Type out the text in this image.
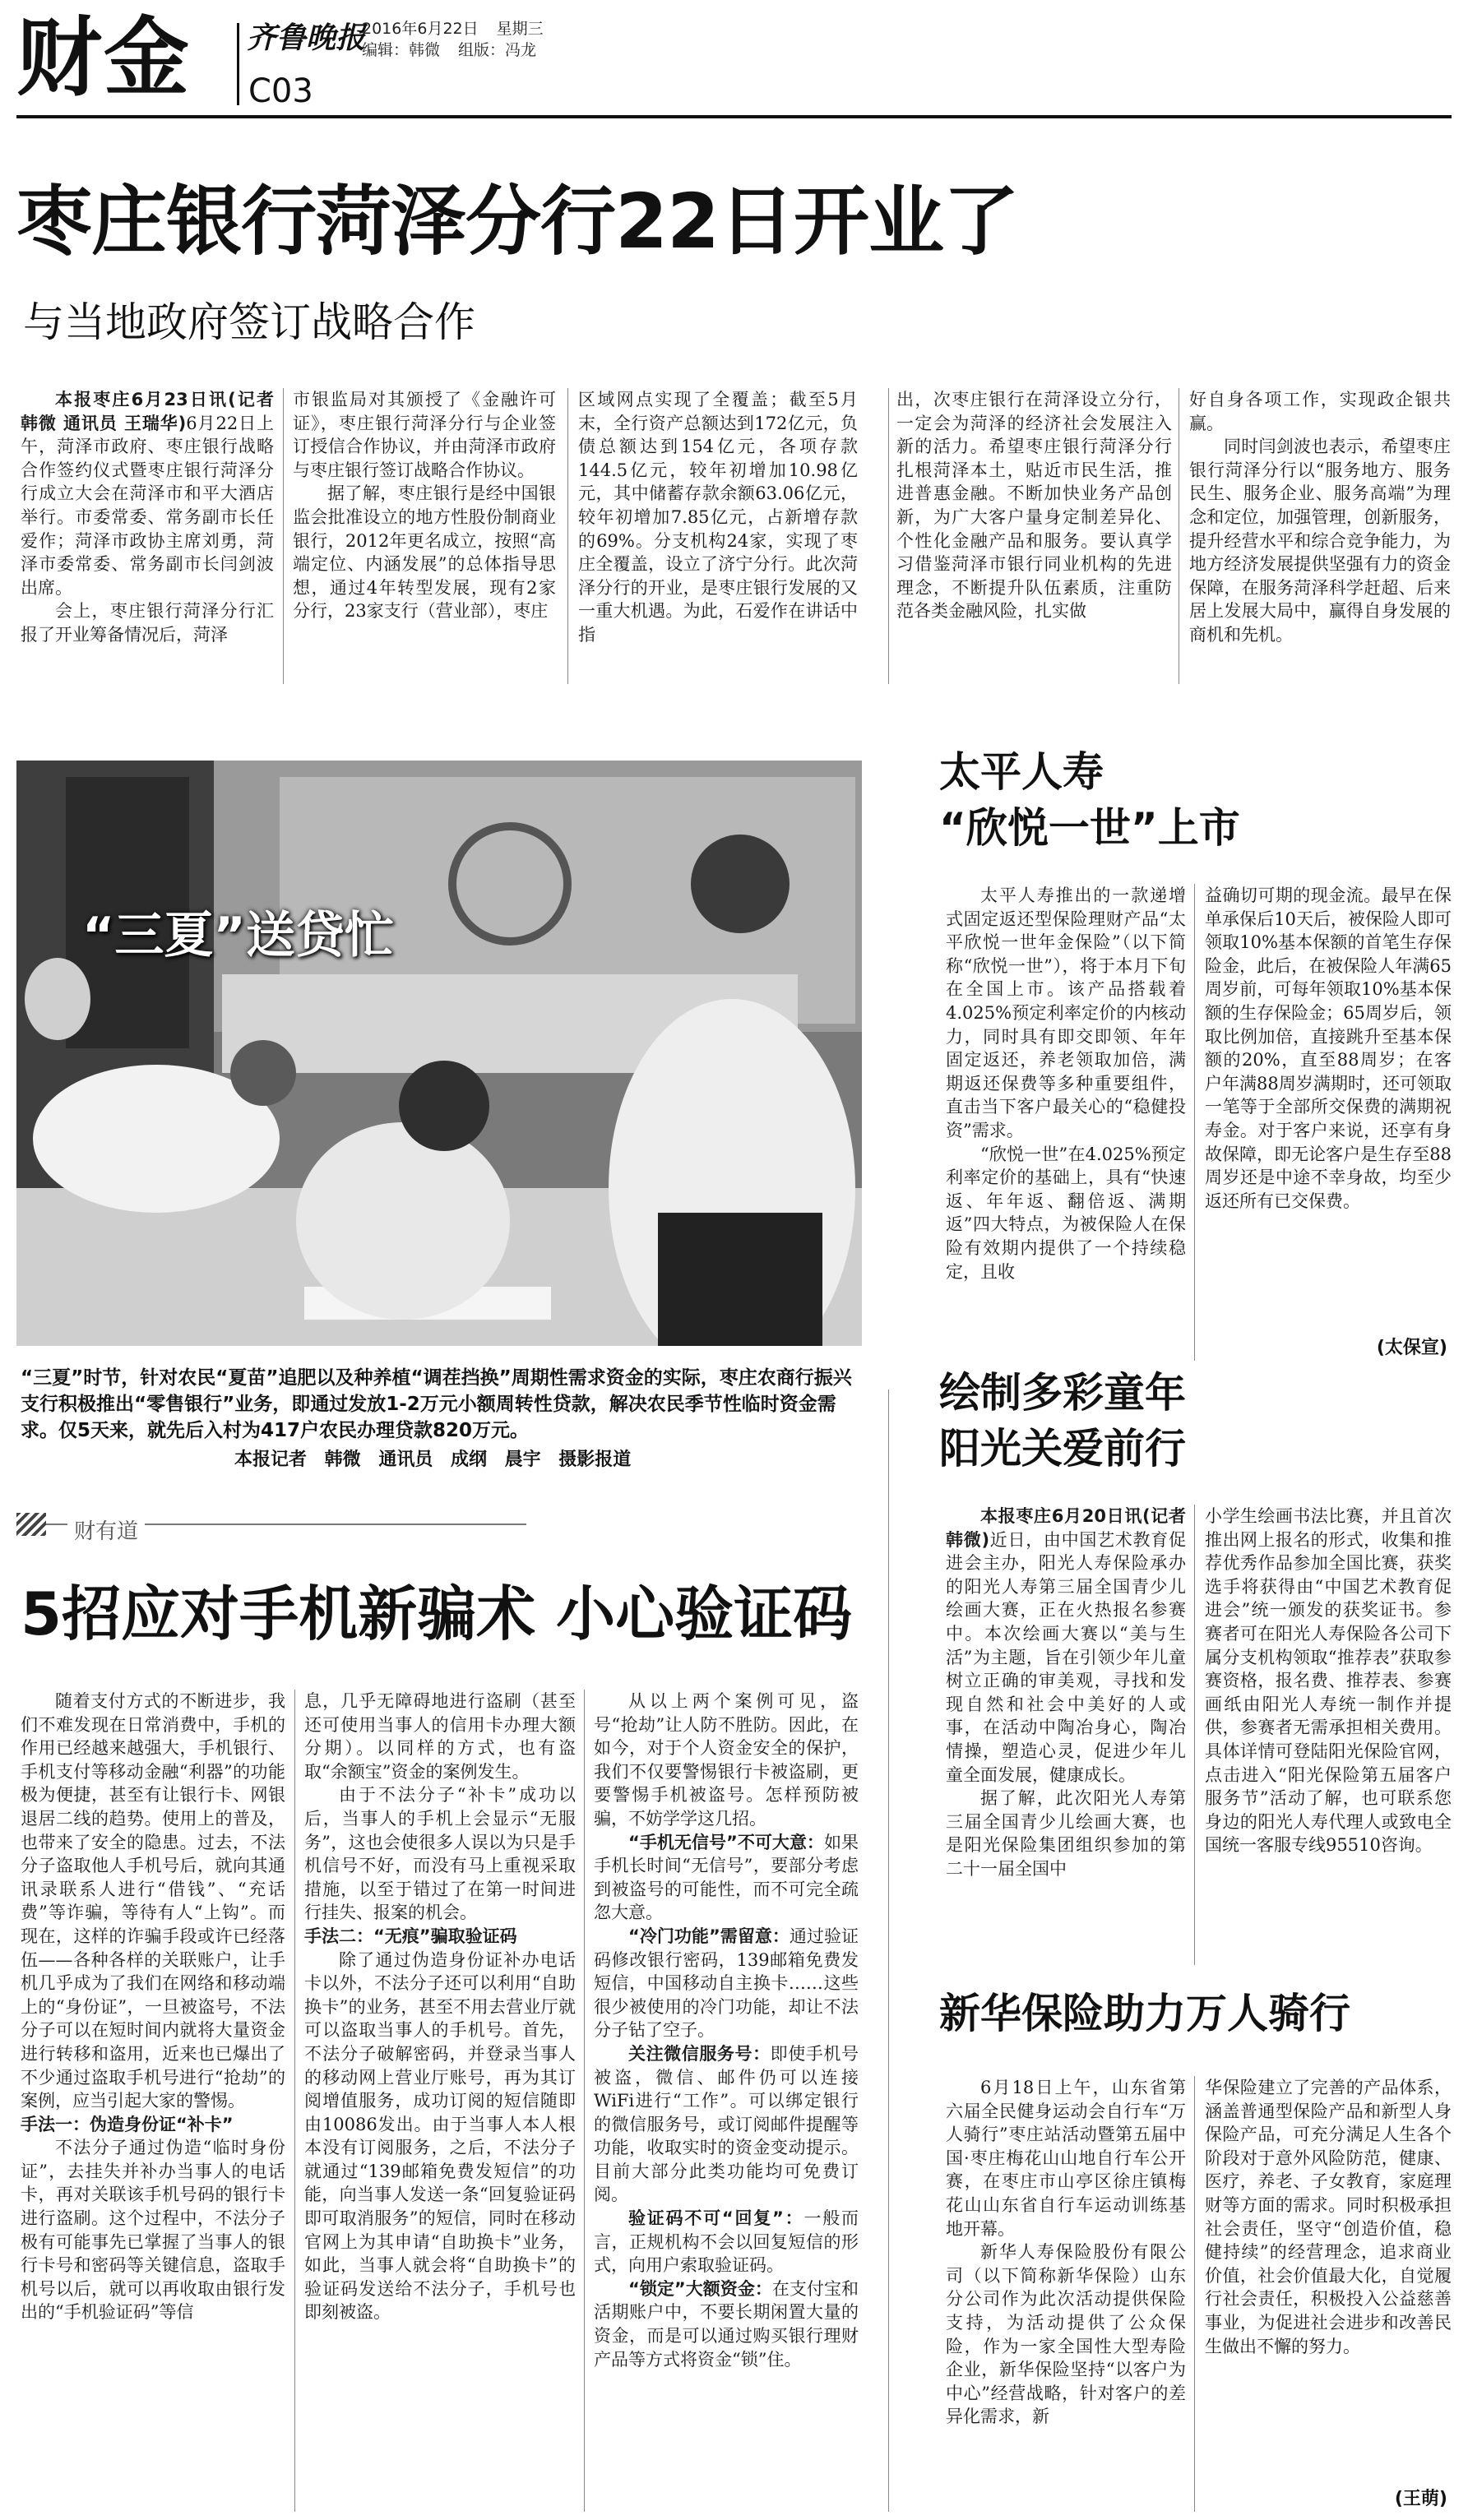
财金 齐鲁晚报
C03
2016年6月22日 星期三
编辑：韩微 组版：冯龙
枣庄银行菏泽分行22日开业了
与当地政府签订战略合作

本报枣庄6月23日讯(记者 韩微 通讯员 王瑞华)6月22日上午，菏泽市政府、枣庄银行战略合作签约仪式暨枣庄银行菏泽分行成立大会在菏泽市和平大酒店举行。市委常委、常务副市长任爱作；菏泽市政协主席刘勇，菏泽市委常委、常务副市长闫剑波出席。

会上，枣庄银行菏泽分行汇报了开业筹备情况后，菏泽

市银监局对其颁授了《金融许可证》，枣庄银行菏泽分行与企业签订授信合作协议，并由菏泽市政府与枣庄银行签订战略合作协议。

据了解，枣庄银行是经中国银监会批准设立的地方性股份制商业银行，2012年更名成立，按照“高端定位、内涵发展”的总体指导思想，通过4年转型发展，现有2家分行，23家支行（营业部），枣庄

区域网点实现了全覆盖；截至5月末，全行资产总额达到172亿元，负债总额达到154亿元，各项存款144.5亿元，较年初增加10.98亿元，其中储蓄存款余额63.06亿元，较年初增加7.85亿元，占新增存款的69%。分支机构24家，实现了枣庄全覆盖，设立了济宁分行。此次菏泽分行的开业，是枣庄银行发展的又一重大机遇。为此，石爱作在讲话中指

出，次枣庄银行在菏泽设立分行，一定会为菏泽的经济社会发展注入新的活力。希望枣庄银行菏泽分行扎根菏泽本土，贴近市民生活，推进普惠金融。不断加快业务产品创新，为广大客户量身定制差异化、个性化金融产品和服务。要认真学习借鉴菏泽市银行同业机构的先进理念，不断提升队伍素质，注重防范各类金融风险，扎实做

好自身各项工作，实现政企银共赢。

同时闫剑波也表示，希望枣庄银行菏泽分行以“服务地方、服务民生、服务企业、服务高端”为理念和定位，加强管理，创新服务，提升经营水平和综合竞争能力，为地方经济发展提供坚强有力的资金保障，在服务菏泽科学赶超、后来居上发展大局中，赢得自身发展的商机和先机。

“三夏”送贷忙
“三夏”时节，针对农民“夏苗”追肥以及种养植“调茬挡换”周期性需求资金的实际，枣庄农商行振兴支行积极推出“零售银行”业务，即通过发放1-2万元小额周转性贷款，解决农民季节性临时资金需求。仅5天来，就先后入村为417户农民办理贷款820万元。
本报记者 韩微 通讯员 成纲 晨宇 摄影报道
太平人寿
“欣悦一世”上市

太平人寿推出的一款递增式固定返还型保险理财产品“太平欣悦一世年金保险”（以下简称“欣悦一世”），将于本月下旬在全国上市。该产品搭载着4.025%预定利率定价的内核动力，同时具有即交即领、年年固定返还，养老领取加倍，满期返还保费等多种重要组件，直击当下客户最关心的“稳健投资”需求。

“欣悦一世”在4.025%预定利率定价的基础上，具有“快速返、年年返、翻倍返、满期返”四大特点，为被保险人在保险有效期内提供了一个持续稳定，且收

益确切可期的现金流。最早在保单承保后10天后，被保险人即可领取10%基本保额的首笔生存保险金，此后，在被保险人年满65周岁前，可每年领取10%基本保额的生存保险金；65周岁后，领取比例加倍，直接跳升至基本保额的20%，直至88周岁；在客户年满88周岁满期时，还可领取一笔等于全部所交保费的满期祝寿金。对于客户来说，还享有身故保障，即无论客户是生存至88周岁还是中途不幸身故，均至少返还所有已交保费。

(太保宣)
财有道
5招应对手机新骗术 小心验证码

随着支付方式的不断进步，我们不难发现在日常消费中，手机的作用已经越来越强大，手机银行、手机支付等移动金融“利器”的功能极为便捷，甚至有让银行卡、网银退居二线的趋势。使用上的普及，也带来了安全的隐患。过去，不法分子盗取他人手机号后，就向其通讯录联系人进行“借钱”、“充话费”等诈骗，等待有人“上钩”。而现在，这样的诈骗手段或许已经落伍——各种各样的关联账户，让手机几乎成为了我们在网络和移动端上的“身份证”，一旦被盗号，不法分子可以在短时间内就将大量资金进行转移和盗用，近来也已爆出了不少通过盗取手机号进行“抢劫”的案例，应当引起大家的警惕。

手法一：伪造身份证“补卡”

不法分子通过伪造“临时身份证”，去挂失并补办当事人的电话卡，再对关联该手机号码的银行卡进行盗刷。这个过程中，不法分子极有可能事先已掌握了当事人的银行卡号和密码等关键信息，盗取手机号以后，就可以再收取由银行发出的“手机验证码”等信

息，几乎无障碍地进行盗刷（甚至还可使用当事人的信用卡办理大额分期）。以同样的方式，也有盗取“余额宝”资金的案例发生。

由于不法分子“补卡”成功以后，当事人的手机上会显示“无服务”，这也会使很多人误以为只是手机信号不好，而没有马上重视采取措施，以至于错过了在第一时间进行挂失、报案的机会。

手法二：“无痕”骗取验证码

除了通过伪造身份证补办电话卡以外，不法分子还可以利用“自助换卡”的业务，甚至不用去营业厅就可以盗取当事人的手机号。首先，不法分子破解密码，并登录当事人的移动网上营业厅账号，再为其订阅增值服务，成功订阅的短信随即由10086发出。由于当事人本人根本没有订阅服务，之后，不法分子就通过“139邮箱免费发短信”的功能，向当事人发送一条“回复验证码即可取消服务”的短信，同时在移动官网上为其申请“自助换卡”业务，如此，当事人就会将“自助换卡”的验证码发送给不法分子，手机号也即刻被盗。

从以上两个案例可见，盗号“抢劫”让人防不胜防。因此，在如今，对于个人资金安全的保护，我们不仅要警惕银行卡被盗刷，更要警惕手机被盗号。怎样预防被骗，不妨学学这几招。

“手机无信号”不可大意：如果手机长时间“无信号”，要部分考虑到被盗号的可能性，而不可完全疏忽大意。

“冷门功能”需留意：通过验证码修改银行密码，139邮箱免费发短信，中国移动自主换卡……这些很少被使用的冷门功能，却让不法分子钻了空子。

关注微信服务号：即使手机号被盗，微信、邮件仍可以连接WiFi进行“工作”。可以绑定银行的微信服务号，或订阅邮件提醒等功能，收取实时的资金变动提示。目前大部分此类功能均可免费订阅。

验证码不可“回复”：一般而言，正规机构不会以回复短信的形式，向用户索取验证码。

“锁定”大额资金：在支付宝和活期账户中，不要长期闲置大量的资金，而是可以通过购买银行理财产品等方式将资金“锁”住。

绘制多彩童年
阳光关爱前行

本报枣庄6月20日讯(记者 韩微)近日，由中国艺术教育促进会主办，阳光人寿保险承办的阳光人寿第三届全国青少儿绘画大赛，正在火热报名参赛中。本次绘画大赛以“美与生活”为主题，旨在引领少年儿童树立正确的审美观，寻找和发现自然和社会中美好的人或事，在活动中陶冶身心，陶冶情操，塑造心灵，促进少年儿童全面发展，健康成长。

据了解，此次阳光人寿第三届全国青少儿绘画大赛，也是阳光保险集团组织参加的第二十一届全国中

小学生绘画书法比赛，并且首次推出网上报名的形式，收集和推荐优秀作品参加全国比赛，获奖选手将获得由“中国艺术教育促进会”统一颁发的获奖证书。参赛者可在阳光人寿保险各公司下属分支机构领取“推荐表”获取参赛资格，报名费、推荐表、参赛画纸由阳光人寿统一制作并提供，参赛者无需承担相关费用。具体详情可登陆阳光保险官网，点击进入“阳光保险第五届客户服务节”活动了解，也可联系您身边的阳光人寿代理人或致电全国统一客服专线95510咨询。

新华保险助力万人骑行

6月18日上午，山东省第六届全民健身运动会自行车“万人骑行”枣庄站活动暨第五届中国·枣庄梅花山山地自行车公开赛，在枣庄市山亭区徐庄镇梅花山山东省自行车运动训练基地开幕。

新华人寿保险股份有限公司（以下简称新华保险）山东分公司作为此次活动提供保险支持，为活动提供了公众保险，作为一家全国性大型寿险企业，新华保险坚持“以客户为中心”经营战略，针对客户的差异化需求，新

华保险建立了完善的产品体系，涵盖普通型保险产品和新型人身保险产品，可充分满足人生各个阶段对于意外风险防范，健康、医疗，养老、子女教育，家庭理财等方面的需求。同时积极承担社会责任，坚守“创造价值，稳健持续”的经营理念，追求商业价值，社会价值最大化，自觉履行社会责任，积极投入公益慈善事业，为促进社会进步和改善民生做出不懈的努力。

(王萌)
